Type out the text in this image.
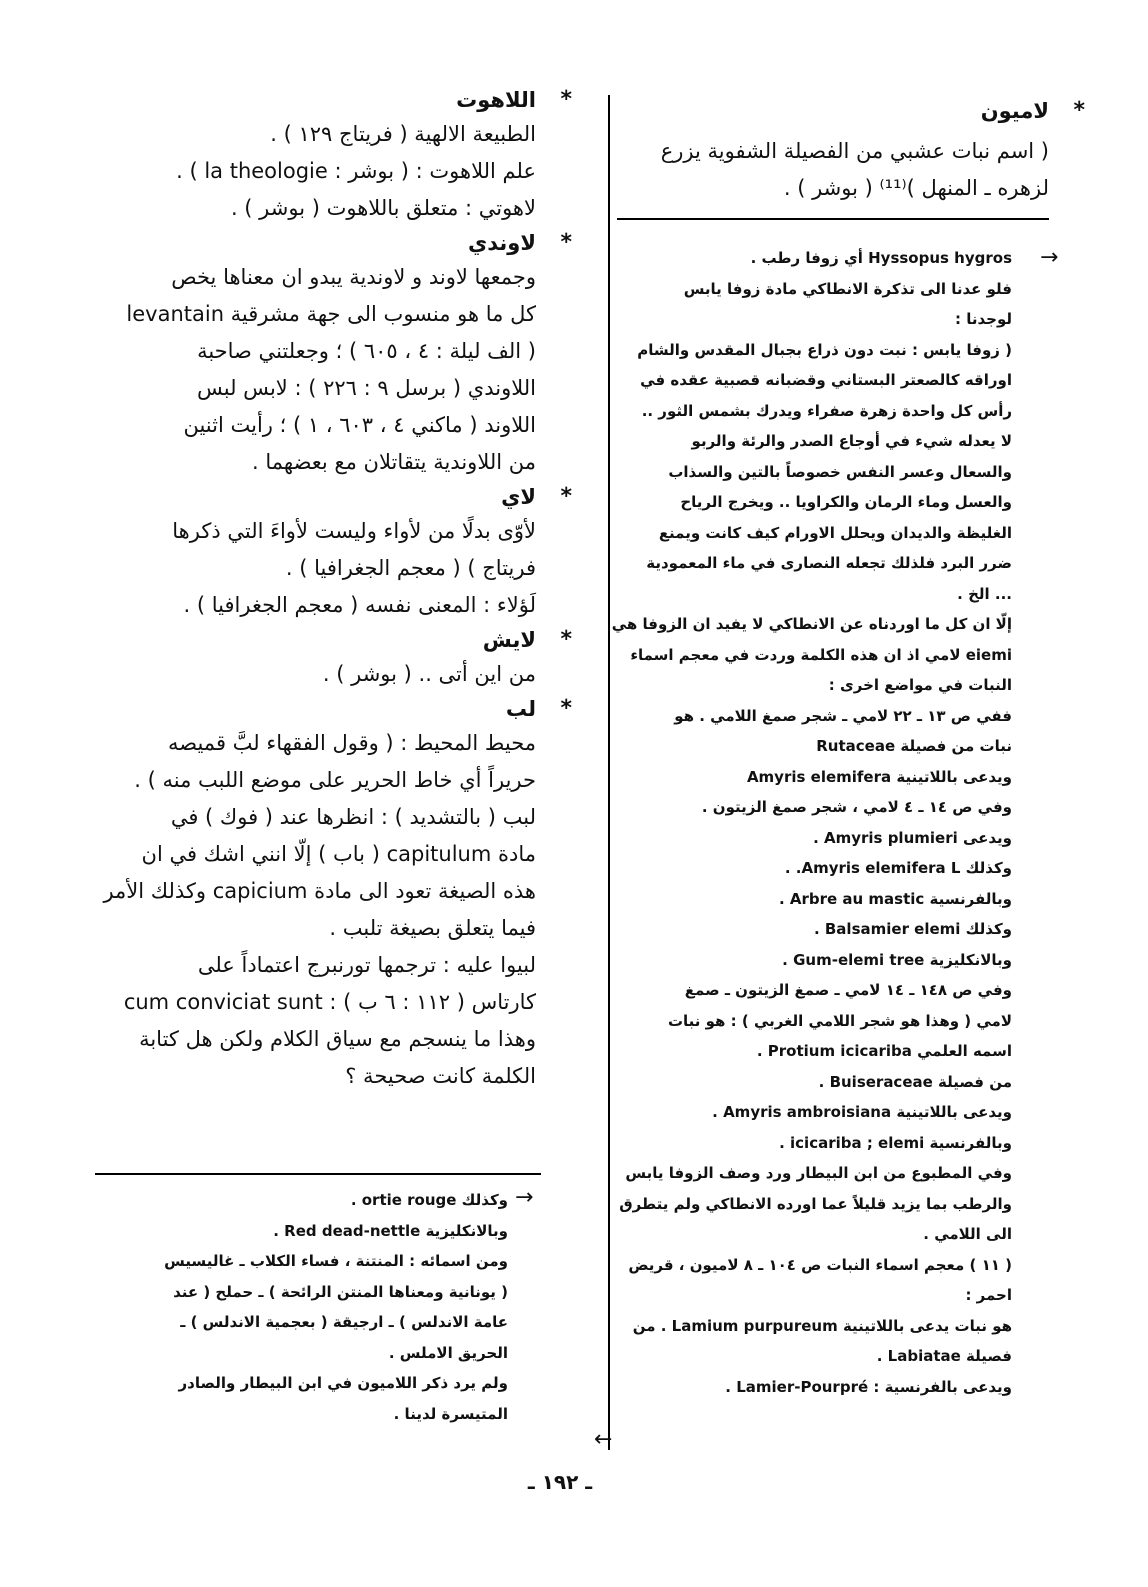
*
لاميون
( اسم نبات عشبي من الفصيلة الشفوية يزرع
لزهره ـ المنهل )⁽¹¹⁾ ( بوشر ) .
→
Hyssopus hygros أي زوفا رطب .
فلو عدنا الى تذكرة الانطاكي مادة زوفا يابس
لوجدنا :
( زوفا يابس : نبت دون ذراع بجبال المقدس والشام
اوراقه كالصعتر البستاني وقضبانه قصبية عقده في
رأس كل واحدة زهرة صفراء ويدرك بشمس الثور ..
لا يعدله شيء في أوجاع الصدر والرئة والربو
والسعال وعسر النفس خصوصاً بالتين والسذاب
والعسل وماء الرمان والكراويا .. ويخرج الرياح
الغليظة والديدان ويحلل الاورام كيف كانت ويمنع
ضرر البرد فلذلك تجعله النصارى في ماء المعمودية
... الخ .
إلّا ان كل ما اوردناه عن الانطاكي لا يفيد ان الزوفا هي
eiemi لامي اذ ان هذه الكلمة وردت في معجم اسماء
النبات في مواضع اخرى :
ففي ص ١٣ ـ ٢٢ لامي ـ شجر صمغ اللامي . هو
نبات من فصيلة Rutaceae
ويدعى باللاتينية Amyris elemifera
وفي ص ١٤ ـ ٤ لامي ، شجر صمغ الزيتون .
ويدعى Amyris plumieri .
وكذلك Amyris elemifera L. .
وبالفرنسية Arbre au mastic .
وكذلك Balsamier elemi .
وبالانكليزية Gum-elemi tree .
وفي ص ١٤٨ ـ ١٤ لامي ـ صمغ الزيتون ـ صمغ
لامي ( وهذا هو شجر اللامي الغربي ) : هو نبات
اسمه العلمي Protium icicariba .
من فصيلة Buiseraceae .
ويدعى باللاتينية Amyris ambroisiana .
وبالفرنسية icicariba ; elemi .
وفي المطبوع من ابن البيطار ورد وصف الزوفا يابس
والرطب بما يزيد قليلاً عما اورده الانطاكي ولم يتطرق
الى اللامي .
( ١١ ) معجم اسماء النبات ص ١٠٤ ـ ٨ لاميون ، قريض
احمر :
هو نبات يدعى باللاتينية Lamium purpureum . من
فصيلة Labiatae .
ويدعى بالفرنسية : Lamier-Pourpré .
←
*
اللاهوت
الطبيعة الالهية ( فريتاج ١٢٩ ) .
علم اللاهوت : ( بوشر : la theologie ) .
لاهوتي : متعلق باللاهوت ( بوشر ) .
*
لاوندي
وجمعها لاوند و لاوندية يبدو ان معناها يخص
كل ما هو منسوب الى جهة مشرقية levantain
( الف ليلة : ٤ ، ٦٠٥ ) ؛ وجعلتني صاحبة
اللاوندي ( برسل ٩ : ٢٢٦ ) : لابس لبس
اللاوند ( ماكني ٤ ، ٦٠٣ ، ١ ) ؛ رأيت اثنين
من اللاوندية يتقاتلان مع بعضهما .
*
لاي
لأوّى بدلًا من لأواء وليست لأواءَ التي ذكرها
فريتاج ) ( معجم الجغرافيا ) .
لَؤلاء : المعنى نفسه ( معجم الجغرافيا ) .
*
لايش
من اين أتى .. ( بوشر ) .
*
لب
محيط المحيط : ( وقول الفقهاء لبَّ قميصه
حريراً أي خاط الحرير على موضع اللبب منه ) .
لبب ( بالتشديد ) : انظرها عند ( فوك ) في
مادة capitulum ( باب ) إلّا انني اشك في ان
هذه الصيغة تعود الى مادة capicium وكذلك الأمر
فيما يتعلق بصيغة تلبب .
لبيوا عليه : ترجمها تورنبرج اعتماداً على
كارتاس ( ١١٢ : ٦ ب ) : cum conviciat sunt
وهذا ما ينسجم مع سياق الكلام ولكن هل كتابة
الكلمة كانت صحيحة ؟
→
وكذلك ortie rouge .
وبالانكليزية Red dead-nettle .
ومن اسمائه : المنتنة ، فساء الكلاب ـ غاليسيس
( يونانية ومعناها المنتن الرائحة ) ـ حملح ( عند
عامة الاندلس ) ـ ارجيقة ( بعجمية الاندلس ) ـ
الحريق الاملس .
ولم يرد ذكر اللاميون في ابن البيطار والصادر
المتيسرة لدينا .
ـ ١٩٢ ـ
